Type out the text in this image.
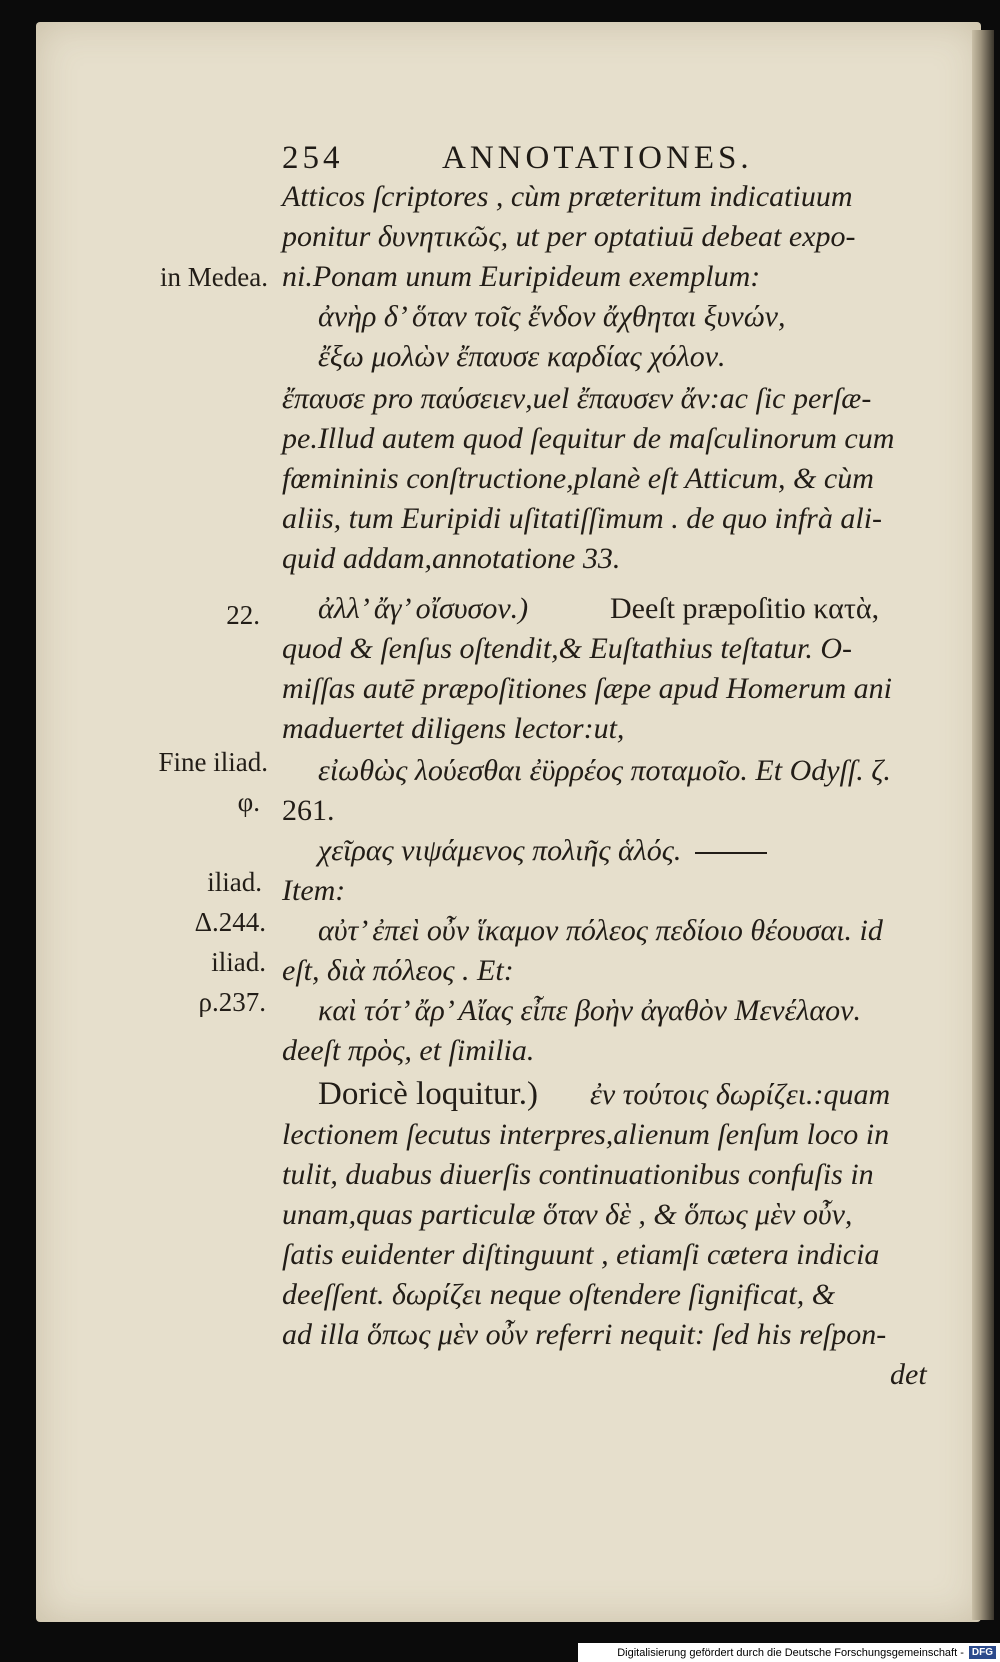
254	ANNOTATIONES.
in Medea.
22.
Fine iliad.
φ.
iliad.
Δ.244.
iliad.
ρ.237.
Atticos ſcriptores , cùm præteritum indicatiuum
ponitur δυνητικῶς, ut per optatiuū debeat expo-
ni.Ponam unum Euripideum exemplum:
ἀνὴρ δ’ ὅταν τοῖς ἔνδον ἄχθηται ξυνών,
ἔξω μολὼν ἔπαυσε καρδίας χόλον.
ἔπαυσε pro παύσειεν,uel ἔπαυσεν ἄν:ac ſic perſæ-
pe.Illud autem quod ſequitur de maſculinorum cum
fœmininis conſtructione,planè eſt Atticum, & cùm
aliis, tum Euripidi uſitatiſſimum . de quo infrà ali-
quid addam,annotatione 33.
ἀλλ’ ἄγ’ οἴσυσον.)	Deeſt præpoſitio κατὰ,
quod & ſenſus oſtendit,& Euſtathius teſtatur. O-
miſſas autē præpoſitiones ſæpe apud Homerum ani
maduertet diligens lector:ut,
εἰωθὼς λούεσθαι ἐϋρρέος ποταμοῖο. Et Odyſſ. ζ.
261.
χεῖρας νιψάμενος πολιῆς ἁλός.
Item:
αὐτ’ ἐπεὶ οὖν ἵκαμον πόλεος πεδίοιο θέουσαι. id
eſt, διὰ πόλεος . Et:
καὶ τότ’ ἄρ’ Αἴας εἶπε βοὴν ἀγαθὸν Μενέλαον.
deeſt πρὸς, et ſimilia.
Doricè loquitur.) ἐν τούτοις δωρίζει.:quam
lectionem ſecutus interpres,alienum ſenſum loco in
tulit, duabus diuerſis continuationibus confuſis in
unam,quas particulæ ὅταν δὲ , & ὅπως μὲν οὖν,
ſatis euidenter diſtinguunt , etiamſi cætera indicia
deeſſent. δωρίζει neque oſtendere ſignificat, &
ad illa ὅπως μὲν οὖν referri nequit: ſed his reſpon-
det
Digitalisierung gefördert durch die Deutsche Forschungsgemeinschaft - DFG
